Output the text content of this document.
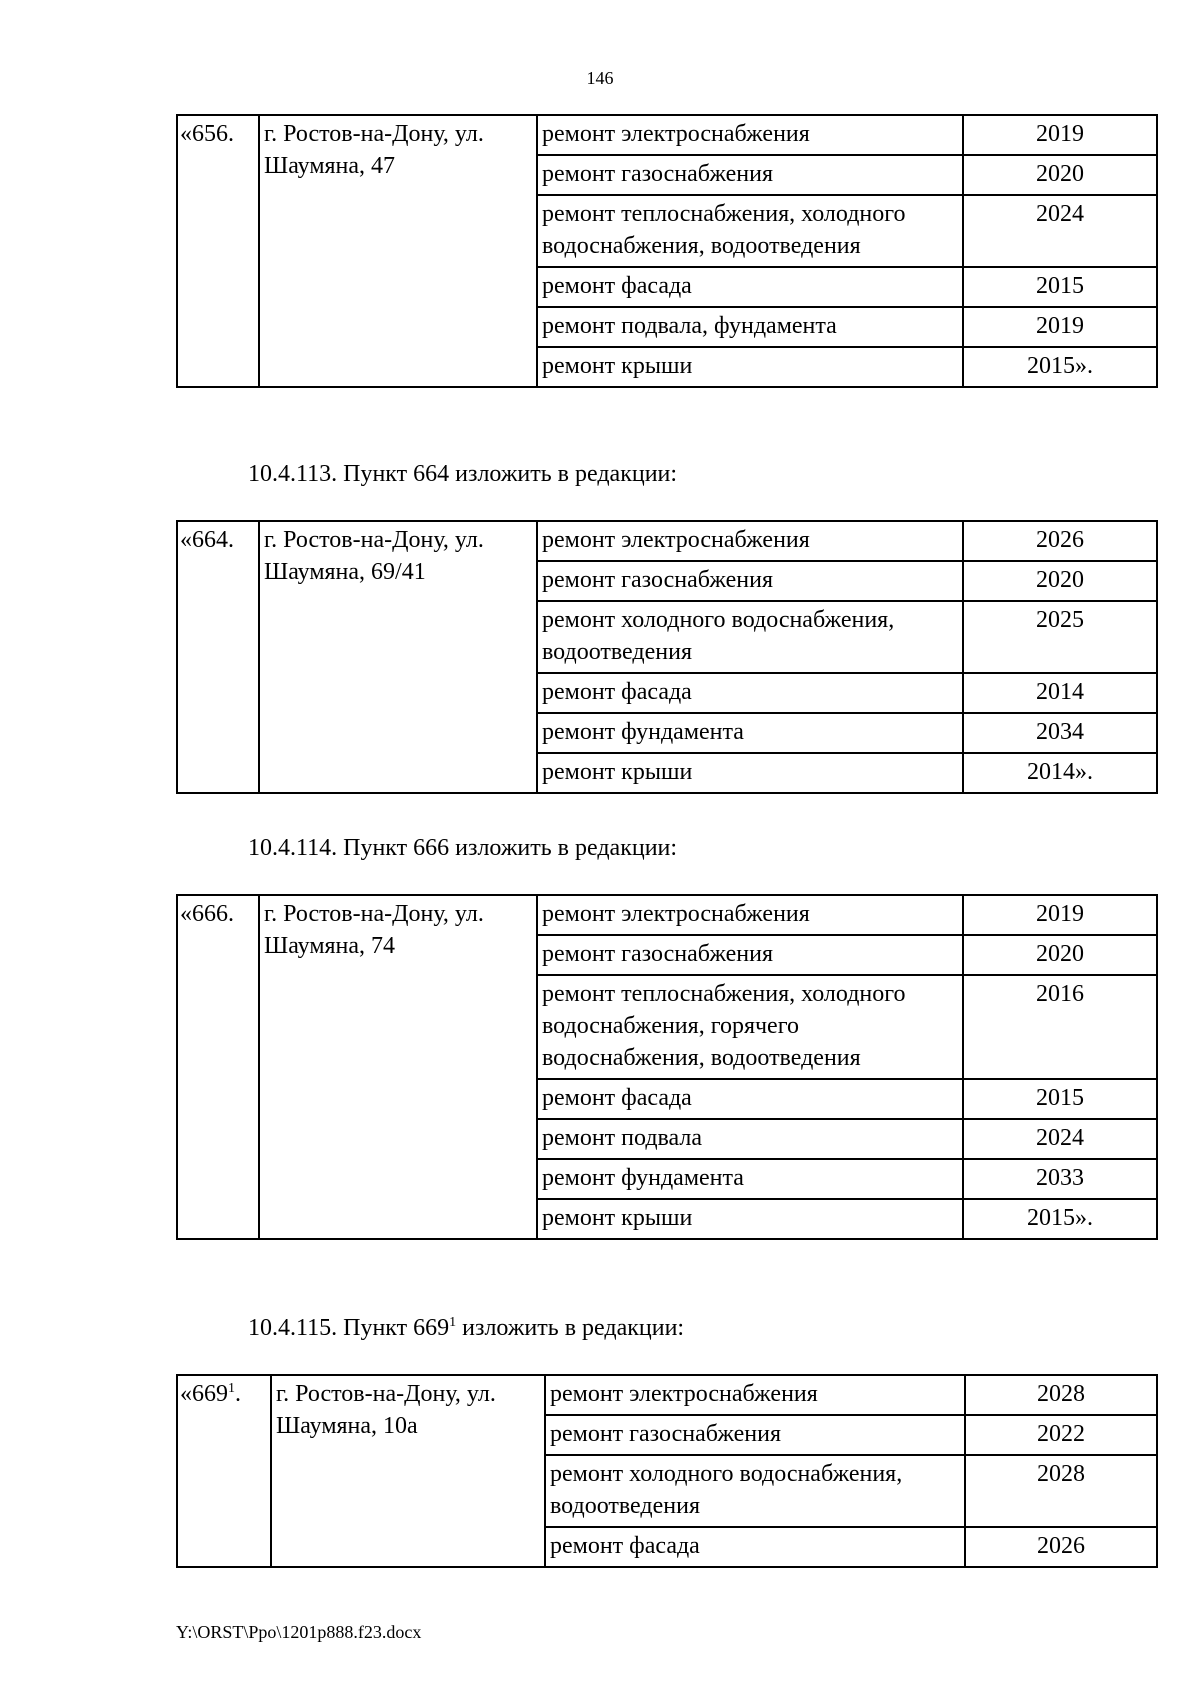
146
«656.	г. Ростов-на-Дону, ул. Шаумяна, 47	ремонт электроснабжения	2019
		ремонт газоснабжения	2020
		ремонт теплоснабжения, холодного водоснабжения, водоотведения	2024
		ремонт фасада	2015
		ремонт подвала, фундамента	2019
		ремонт крыши	2015».
10.4.113. Пункт 664 изложить в редакции:
«664.	г. Ростов-на-Дону, ул. Шаумяна, 69/41	ремонт электроснабжения	2026
		ремонт газоснабжения	2020
		ремонт холодного водоснабжения, водоотведения	2025
		ремонт фасада	2014
		ремонт фундамента	2034
		ремонт крыши	2014».
10.4.114. Пункт 666 изложить в редакции:
«666.	г. Ростов-на-Дону, ул. Шаумяна, 74	ремонт электроснабжения	2019
		ремонт газоснабжения	2020
		ремонт теплоснабжения, холодного водоснабжения, горячего водоснабжения, водоотведения	2016
		ремонт фасада	2015
		ремонт подвала	2024
		ремонт фундамента	2033
		ремонт крыши	2015».
10.4.115. Пункт $669^1$ изложить в редакции:
«$669^1$.	г. Ростов-на-Дону, ул. Шаумяна, 10а	ремонт электроснабжения	2028
		ремонт газоснабжения	2022
		ремонт холодного водоснабжения, водоотведения	2028
		ремонт фасада	2026
Y:\ORST\Ppo\1201p888.f23.docx
